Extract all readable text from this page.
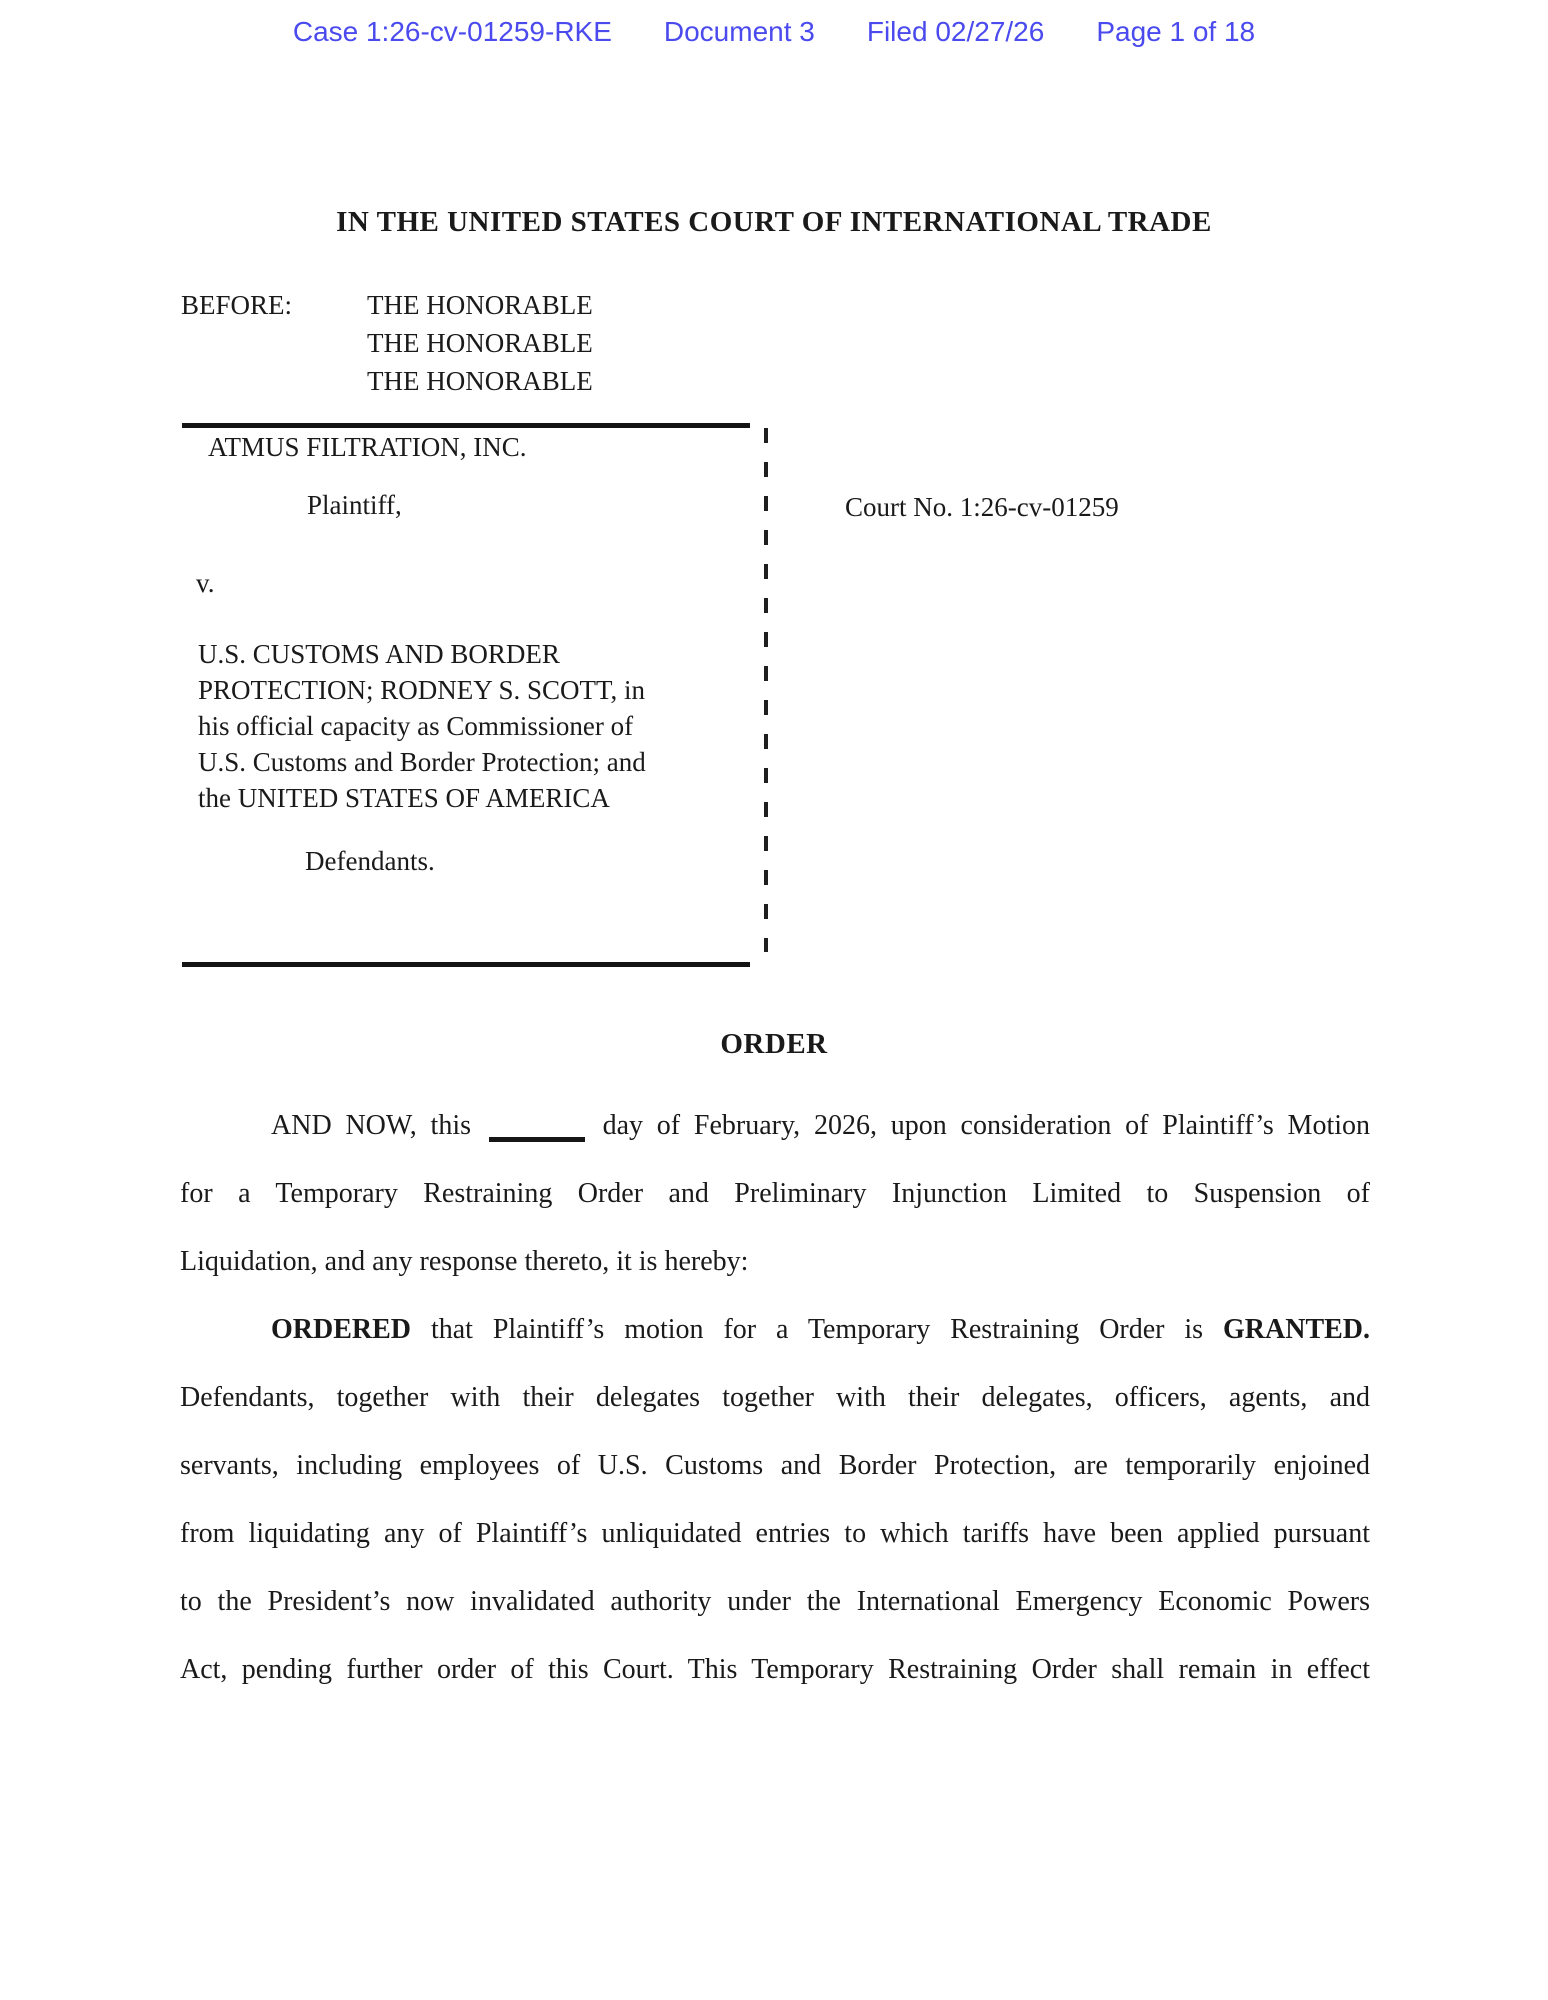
Case 1:26-cv-01259-RKE Document 3 Filed 02/27/26 Page 1 of 18
IN THE UNITED STATES COURT OF INTERNATIONAL TRADE
BEFORE:	THE HONORABLE
THE HONORABLE
THE HONORABLE
ATMUS FILTRATION, INC.
Plaintiff,
v.
U.S. CUSTOMS AND BORDER
PROTECTION; RODNEY S. SCOTT, in
his official capacity as Commissioner of
U.S. Customs and Border Protection; and
the UNITED STATES OF AMERICA
Defendants.
Court No. 1:26-cv-01259
ORDER
AND NOW, this	day of February, 2026, upon consideration of Plaintiff’s Motion
for a Temporary Restraining Order and Preliminary Injunction Limited to Suspension of
Liquidation, and any response thereto, it is hereby:
ORDERED that Plaintiff’s motion for a Temporary Restraining Order is GRANTED.
Defendants, together with their delegates together with their delegates, officers, agents, and
servants, including employees of U.S. Customs and Border Protection, are temporarily enjoined
from liquidating any of Plaintiff’s unliquidated entries to which tariffs have been applied pursuant
to the President’s now invalidated authority under the International Emergency Economic Powers
Act, pending further order of this Court. This Temporary Restraining Order shall remain in effect
